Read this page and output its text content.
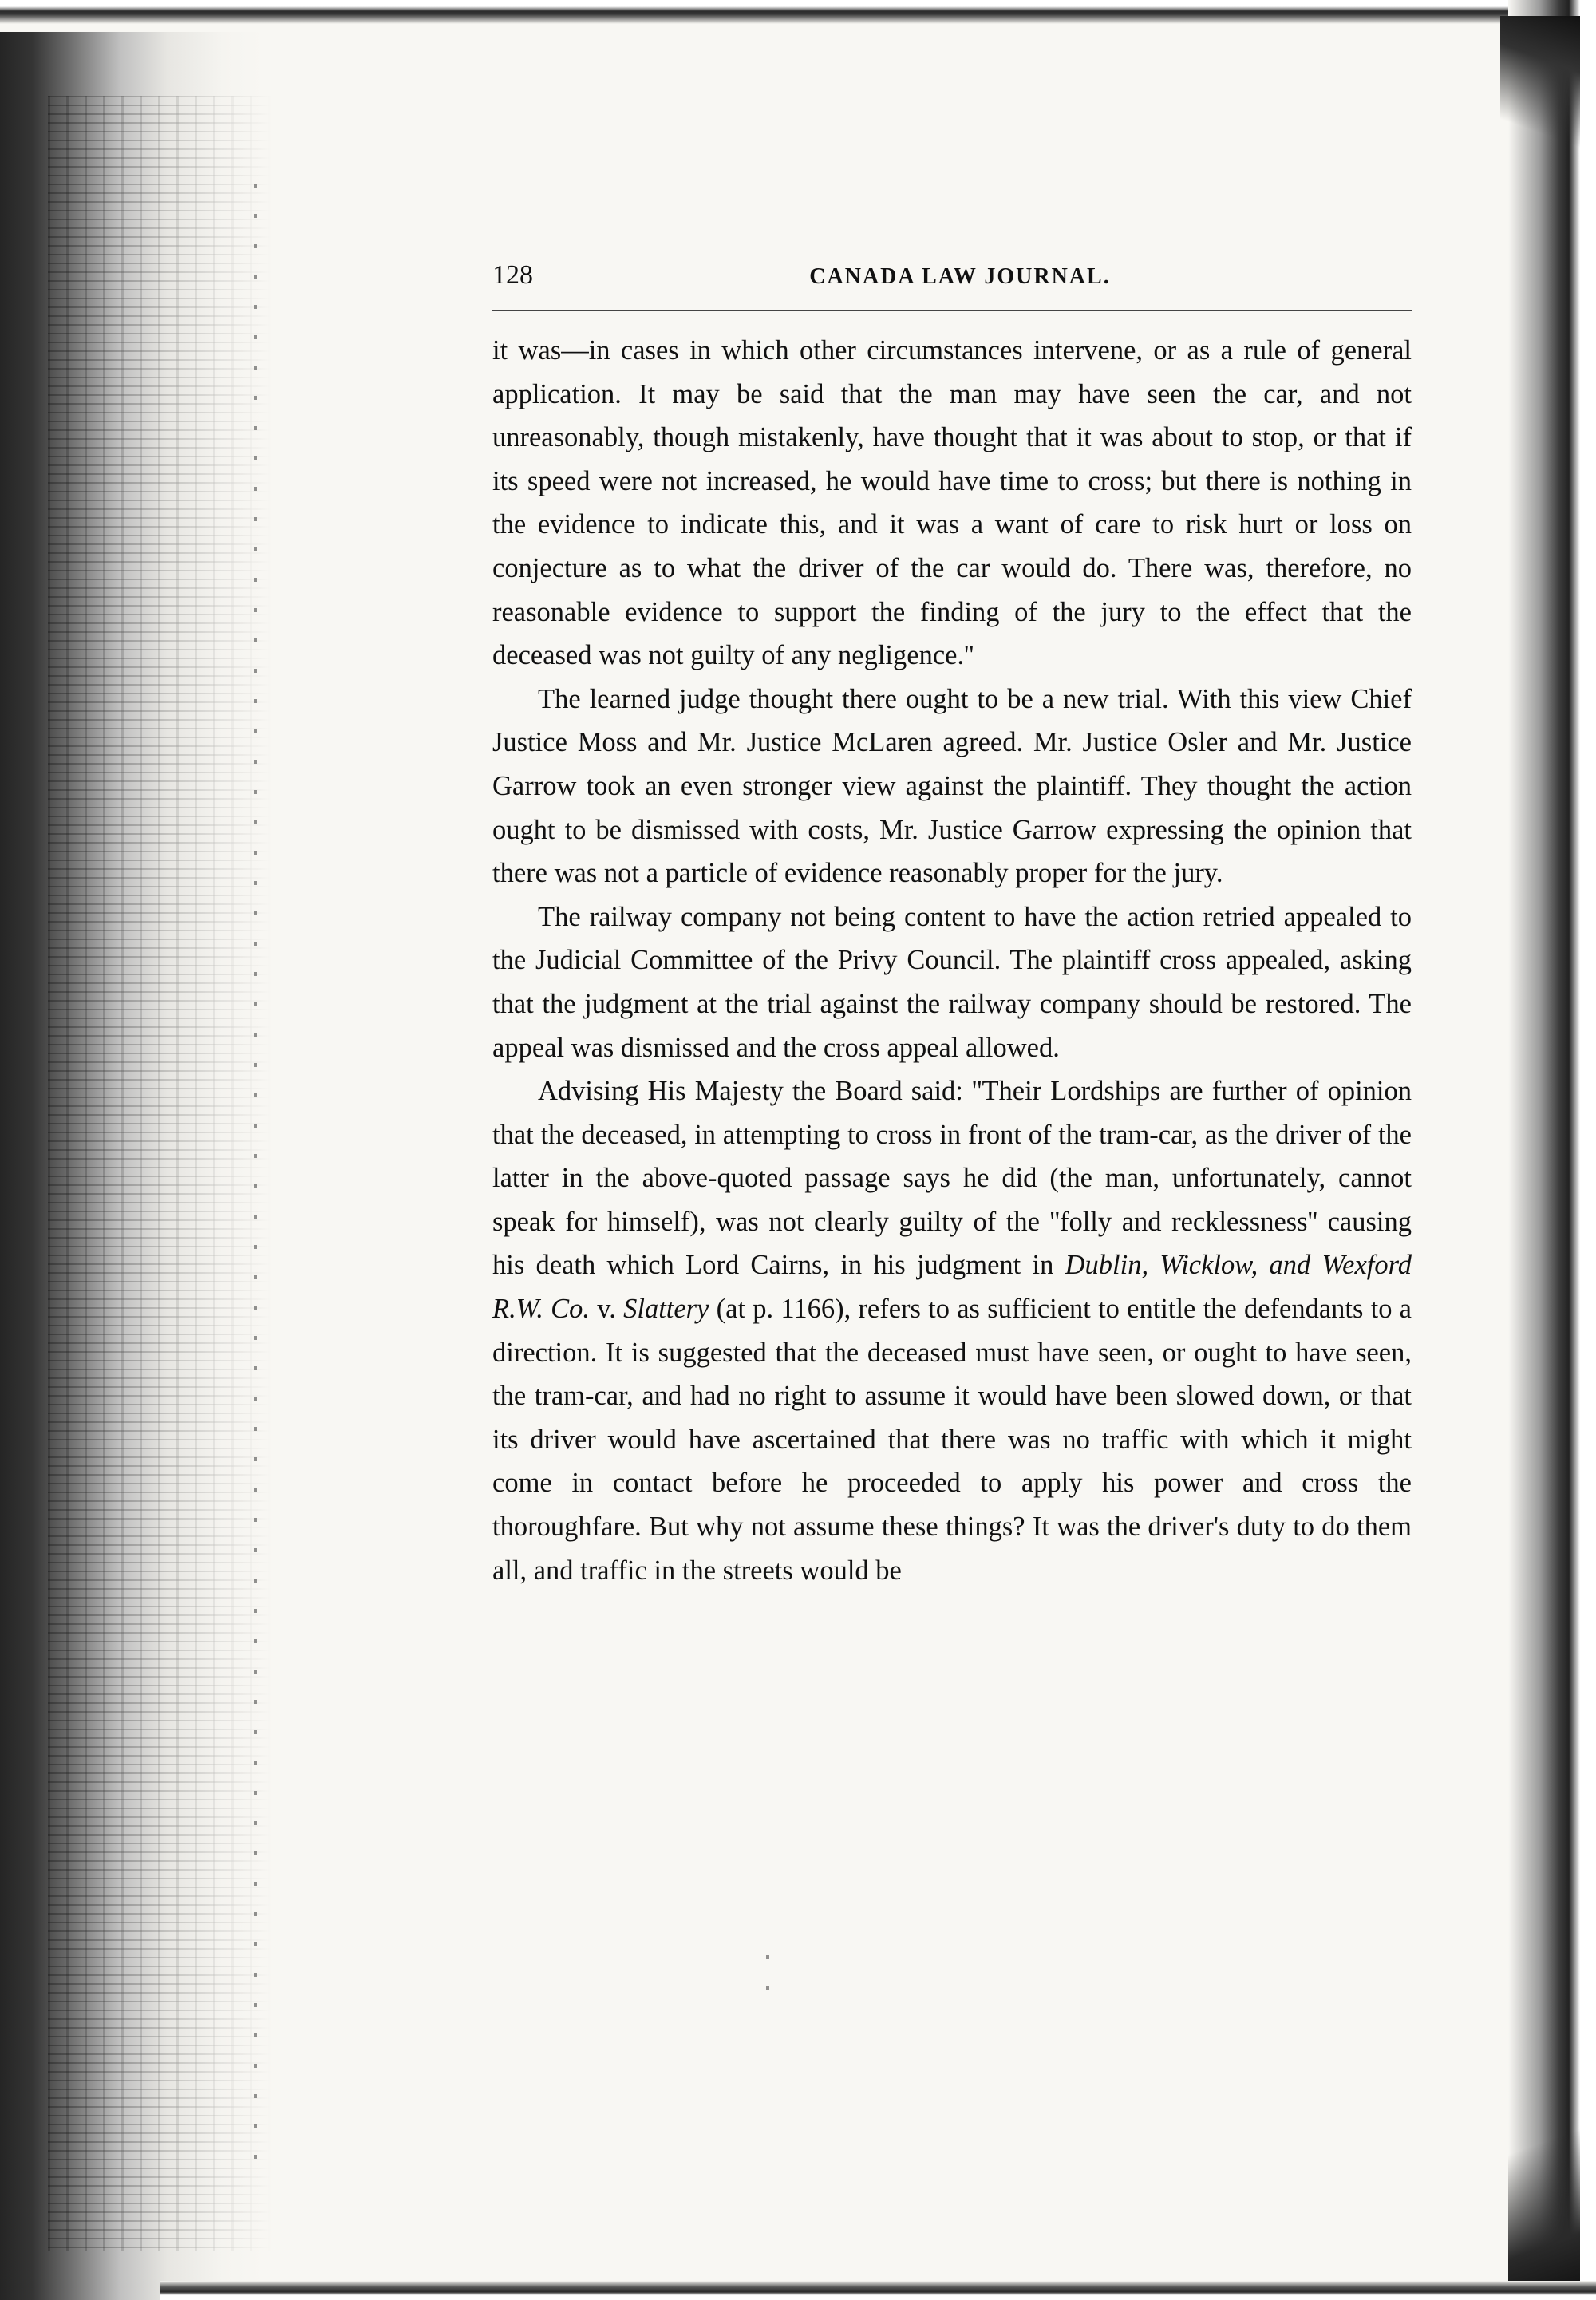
128	CANADA LAW JOURNAL.

it was—in cases in which other circumstances intervene, or as a rule of general application. It may be said that the man may have seen the car, and not unreasonably, though mistakenly, have thought that it was about to stop, or that if its speed were not increased, he would have time to cross; but there is nothing in the evidence to indicate this, and it was a want of care to risk hurt or loss on conjecture as to what the driver of the car would do. There was, therefore, no reasonable evidence to support the finding of the jury to the effect that the deceased was not guilty of any negligence.''

The learned judge thought there ought to be a new trial. With this view Chief Justice Moss and Mr. Justice McLaren agreed. Mr. Justice Osler and Mr. Justice Garrow took an even stronger view against the plaintiff. They thought the action ought to be dismissed with costs, Mr. Justice Garrow expressing the opinion that there was not a particle of evidence reasonably proper for the jury.

The railway company not being content to have the action retried appealed to the Judicial Committee of the Privy Council. The plaintiff cross appealed, asking that the judgment at the trial against the railway company should be restored. The appeal was dismissed and the cross appeal allowed.

Advising His Majesty the Board said: ''Their Lordships are further of opinion that the deceased, in attempting to cross in front of the tram-car, as the driver of the latter in the above-quoted passage says he did (the man, unfortunately, cannot speak for himself), was not clearly guilty of the ''folly and recklessness'' causing his death which Lord Cairns, in his judgment in Dublin, Wicklow, and Wexford R.W. Co. v. Slattery (at p. 1166), refers to as sufficient to entitle the defendants to a direction. It is suggested that the deceased must have seen, or ought to have seen, the tram-car, and had no right to assume it would have been slowed down, or that its driver would have ascertained that there was no traffic with which it might come in contact before he proceeded to apply his power and cross the thoroughfare. But why not assume these things? It was the driver's duty to do them all, and traffic in the streets would be
